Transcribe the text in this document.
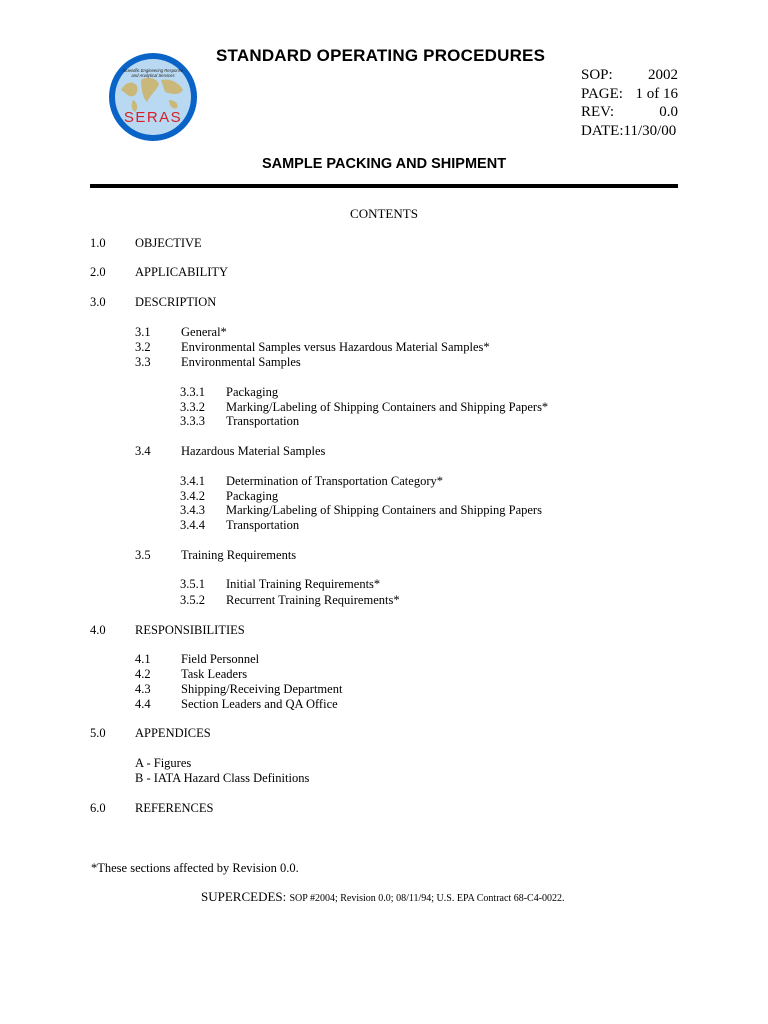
Scientific Engineering Response
and Analytical Services
SERAS
STANDARD OPERATING PROCEDURES
SOP: 2002
PAGE: 1 of 16
REV:	0.0
DATE:11/30/00
SAMPLE PACKING AND SHIPMENT
CONTENTS
1.0 OBJECTIVE
2.0 APPLICABILITY
3.0 DESCRIPTION
3.1 General*
3.2 Environmental Samples versus Hazardous Material Samples*
3.3 Environmental Samples
3.3.1 Packaging
3.3.2 Marking/Labeling of Shipping Containers and Shipping Papers*
3.3.3 Transportation
3.4 Hazardous Material Samples
3.4.1 Determination of Transportation Category*
3.4.2 Packaging
3.4.3 Marking/Labeling of Shipping Containers and Shipping Papers
3.4.4 Transportation
3.5 Training Requirements
3.5.1 Initial Training Requirements*
3.5.2 Recurrent Training Requirements*
4.0 RESPONSIBILITIES
4.1 Field Personnel
4.2 Task Leaders
4.3 Shipping/Receiving Department
4.4 Section Leaders and QA Office
5.0 APPENDICES
A - Figures
B - IATA Hazard Class Definitions
6.0 REFERENCES
*These sections affected by Revision 0.0.
SUPERCEDES: SOP #2004; Revision 0.0; 08/11/94; U.S. EPA Contract 68-C4-0022.
